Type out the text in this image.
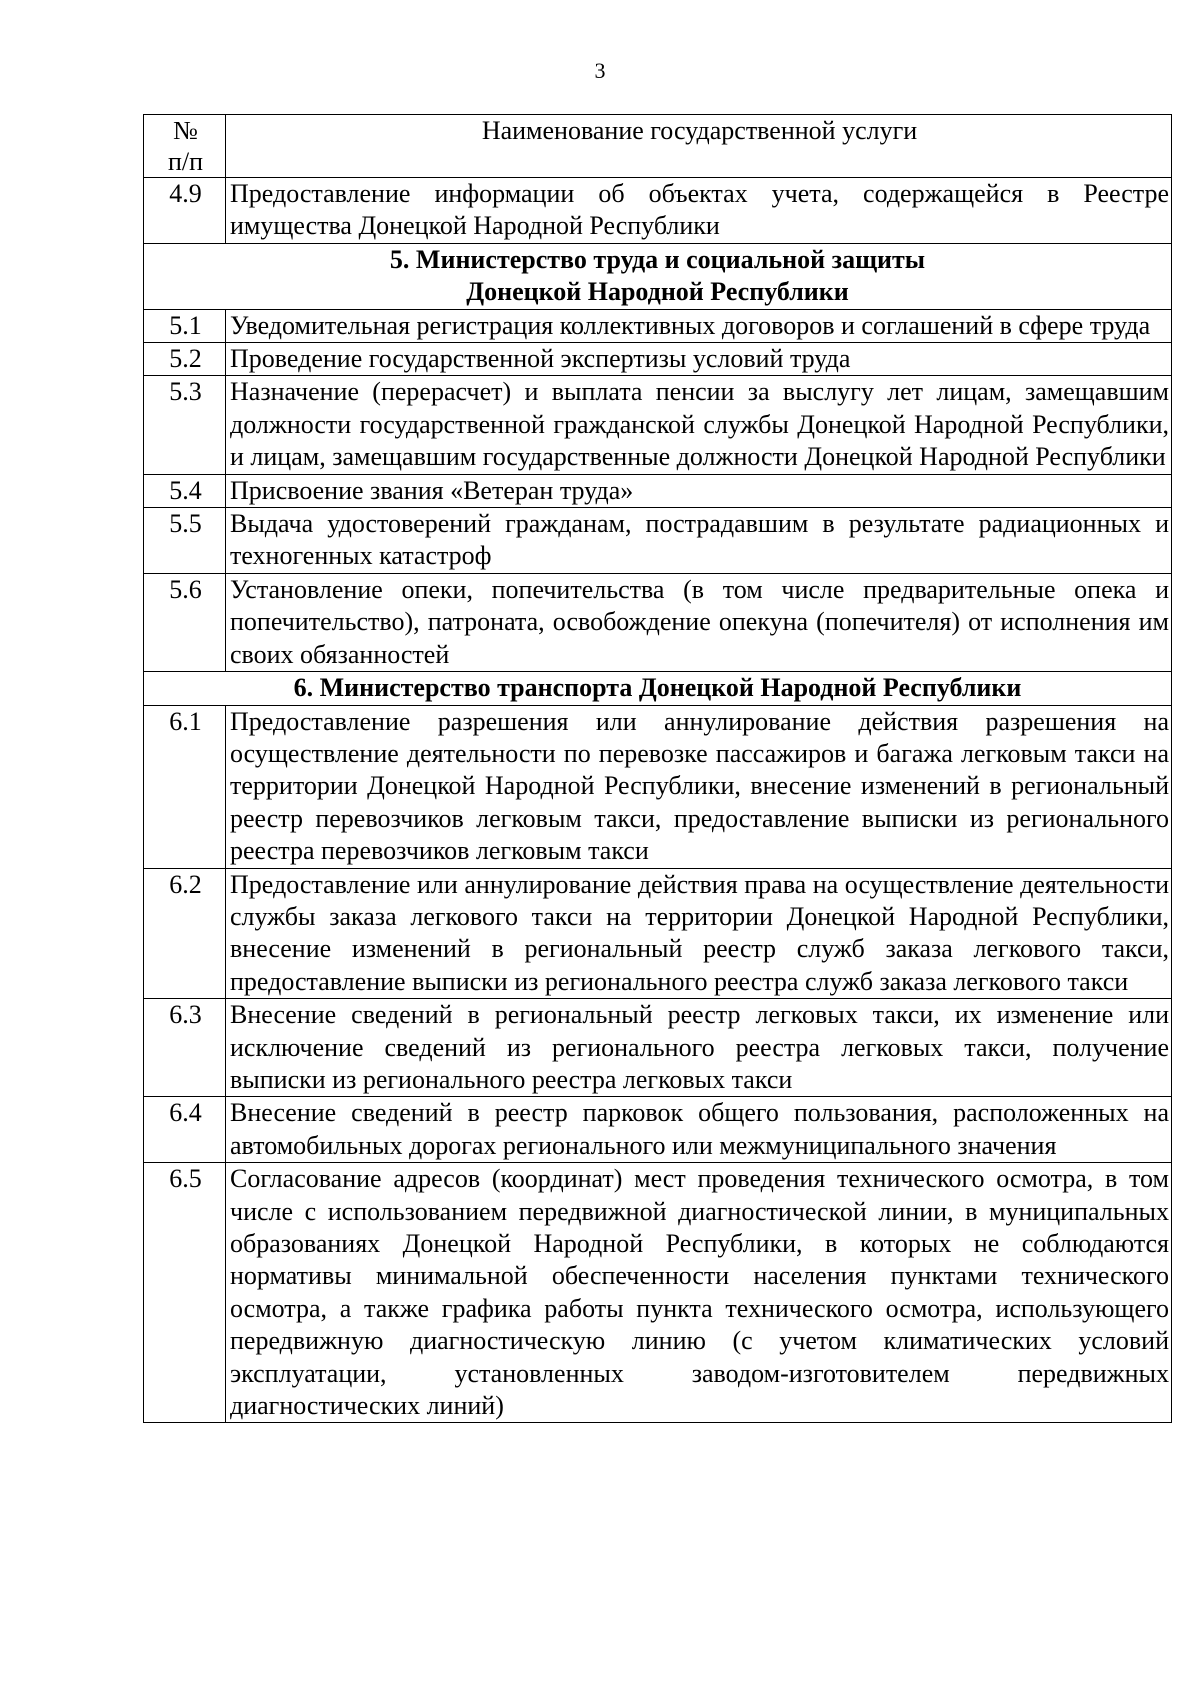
3
№
п/п	Наименование государственной услуги
4.9	Предоставление информации об объектах учета, содержащейся в Реестре имущества Донецкой Народной Республики

5. Министерство труда и социальной защиты
Донецкой Народной Республики	

5.1	Уведомительная регистрация коллективных договоров и соглашений в сфере труда
5.2	Проведение государственной экспертизы условий труда
5.3	Назначение (перерасчет) и выплата пенсии за выслугу лет лицам, замещавшим должности государственной гражданской службы Донецкой Народной Республики, и лицам, замещавшим государственные должности Донецкой Народной Республики
5.4	Присвоение звания «Ветеран труда»
5.5	Выдача удостоверений гражданам, пострадавшим в результате радиационных и техногенных катастроф
5.6	Установление опеки, попечительства (в том числе предварительные опека и попечительство), патроната, освобождение опекуна (попечителя) от исполнения им своих обязанностей

6. Министерство транспорта Донецкой Народной Республики	

6.1	Предоставление разрешения или аннулирование действия разрешения на осуществление деятельности по перевозке пассажиров и багажа легковым такси на территории Донецкой Народной Республики, внесение изменений в региональный реестр перевозчиков легковым такси, предоставление выписки из регионального реестра перевозчиков легковым такси
6.2	Предоставление или аннулирование действия права на осуществление деятельности службы заказа легкового такси на территории Донецкой Народной Республики, внесение изменений в региональный реестр служб заказа легкового такси, предоставление выписки из регионального реестра служб заказа легкового такси
6.3	Внесение сведений в региональный реестр легковых такси, их изменение или исключение сведений из регионального реестра легковых такси, получение выписки из регионального реестра легковых такси
6.4	Внесение сведений в реестр парковок общего пользования, расположенных на автомобильных дорогах регионального или межмуниципального значения
6.5	Согласование адресов (координат) мест проведения технического осмотра, в том числе с использованием передвижной диагностической линии, в муниципальных образованиях Донецкой Народной Республики, в которых не соблюдаются нормативы минимальной обеспеченности населения пунктами технического осмотра, а также графика работы пункта технического осмотра, использующего передвижную диагностическую линию (с учетом климатических условий эксплуатации, установленных заводом-изготовителем передвижных диагностических линий)
